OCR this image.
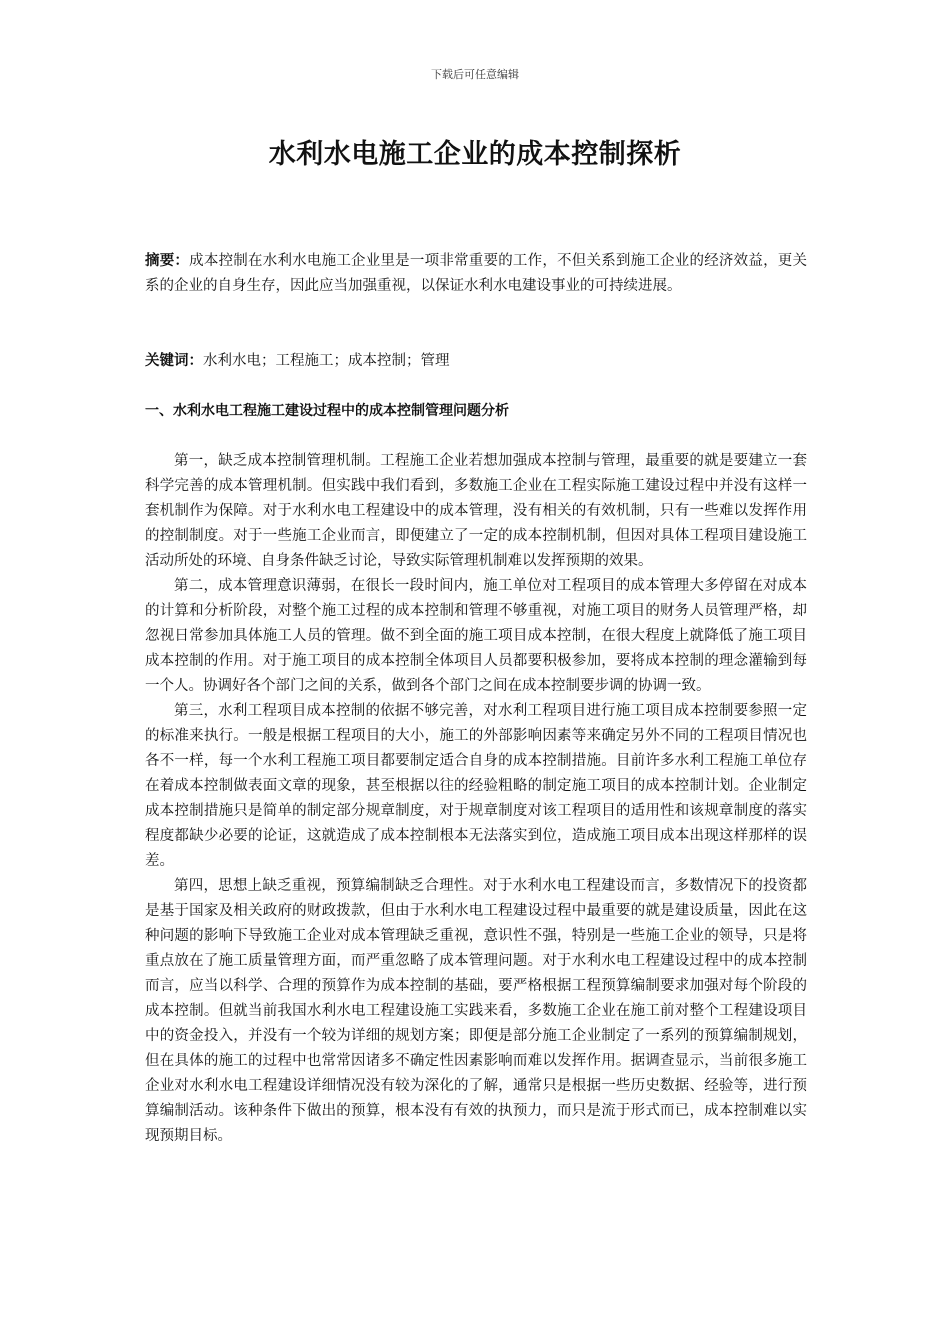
下载后可任意编辑
水利水电施工企业的成本控制探析
摘要：成本控制在水利水电施工企业里是一项非常重要的工作，不但关系到施工企业的经济效益，更关系的企业的自身生存，因此应当加强重视，以保证水利水电建设事业的可持续进展。
关键词：水利水电；工程施工；成本控制；管理
一、水利水电工程施工建设过程中的成本控制管理问题分析

第一，缺乏成本控制管理机制。工程施工企业若想加强成本控制与管理，最重要的就是要建立一套科学完善的成本管理机制。但实践中我们看到，多数施工企业在工程实际施工建设过程中并没有这样一套机制作为保障。对于水利水电工程建设中的成本管理，没有相关的有效机制，只有一些难以发挥作用的控制制度。对于一些施工企业而言，即便建立了一定的成本控制机制，但因对具体工程项目建设施工活动所处的环境、自身条件缺乏讨论，导致实际管理机制难以发挥预期的效果。

第二，成本管理意识薄弱，在很长一段时间内，施工单位对工程项目的成本管理大多停留在对成本的计算和分析阶段，对整个施工过程的成本控制和管理不够重视，对施工项目的财务人员管理严格，却忽视日常参加具体施工人员的管理。做不到全面的施工项目成本控制，在很大程度上就降低了施工项目成本控制的作用。对于施工项目的成本控制全体项目人员都要积极参加，要将成本控制的理念灌输到每一个人。协调好各个部门之间的关系，做到各个部门之间在成本控制要步调的协调一致。

第三，水利工程项目成本控制的依据不够完善，对水利工程项目进行施工项目成本控制要参照一定的标准来执行。一般是根据工程项目的大小，施工的外部影响因素等来确定另外不同的工程项目情况也各不一样，每一个水利工程施工项目都要制定适合自身的成本控制措施。目前许多水利工程施工单位存在着成本控制做表面文章的现象，甚至根据以往的经验粗略的制定施工项目的成本控制计划。企业制定成本控制措施只是简单的制定部分规章制度，对于规章制度对该工程项目的适用性和该规章制度的落实程度都缺少必要的论证，这就造成了成本控制根本无法落实到位，造成施工项目成本出现这样那样的误差。

第四，思想上缺乏重视，预算编制缺乏合理性。对于水利水电工程建设而言，多数情况下的投资都是基于国家及相关政府的财政拨款，但由于水利水电工程建设过程中最重要的就是建设质量，因此在这种问题的影响下导致施工企业对成本管理缺乏重视，意识性不强，特别是一些施工企业的领导，只是将重点放在了施工质量管理方面，而严重忽略了成本管理问题。对于水利水电工程建设过程中的成本控制而言，应当以科学、合理的预算作为成本控制的基础，要严格根据工程预算编制要求加强对每个阶段的成本控制。但就当前我国水利水电工程建设施工实践来看，多数施工企业在施工前对整个工程建设项目中的资金投入，并没有一个较为详细的规划方案；即便是部分施工企业制定了一系列的预算编制规划，但在具体的施工的过程中也常常因诸多不确定性因素影响而难以发挥作用。据调查显示，当前很多施工企业对水利水电工程建设详细情况没有较为深化的了解，通常只是根据一些历史数据、经验等，进行预算编制活动。该种条件下做出的预算，根本没有有效的执预力，而只是流于形式而已，成本控制难以实现预期目标。
